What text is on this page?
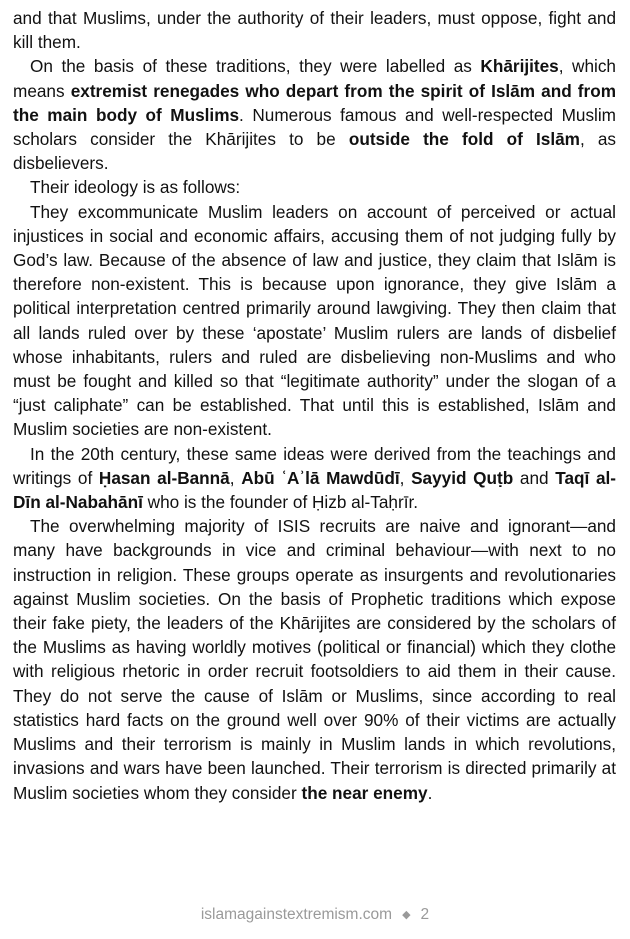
and that Muslims, under the authority of their leaders, must oppose, fight and kill them.

On the basis of these traditions, they were labelled as Khārijites, which means extremist renegades who depart from the spirit of Islām and from the main body of Muslims. Numerous famous and well-respected Muslim scholars consider the Khārijites to be outside the fold of Islām, as disbelievers.

Their ideology is as follows:

They excommunicate Muslim leaders on account of perceived or actual injustices in social and economic affairs, accusing them of not judging fully by God’s law. Because of the absence of law and justice, they claim that Islām is therefore non-existent. This is because upon ignorance, they give Islām a political interpretation centred primarily around lawgiving. They then claim that all lands ruled over by these ‘apostate’ Muslim rulers are lands of disbelief whose inhabitants, rulers and ruled are disbelieving non-Muslims and who must be fought and killed so that “legitimate authority” under the slogan of a “just caliphate” can be established. That until this is established, Islām and Muslim societies are non-existent.

In the 20th century, these same ideas were derived from the teachings and writings of Ḥasan al-Bannā, Abū ʿAʾlā Mawdūdī, Sayyid Quṭb and Taqī al-Dīn al-Nabahānī who is the founder of Ḥizb al-Taḥrīr.

The overwhelming majority of ISIS recruits are naive and ignorant—and many have backgrounds in vice and criminal behaviour—with next to no instruction in religion. These groups operate as insurgents and revolutionaries against Muslim societies. On the basis of Prophetic traditions which expose their fake piety, the leaders of the Khārijites are considered by the scholars of the Muslims as having worldly motives (political or financial) which they clothe with religious rhetoric in order recruit footsoldiers to aid them in their cause. They do not serve the cause of Islām or Muslims, since according to real statistics hard facts on the ground well over 90% of their victims are actually Muslims and their terrorism is mainly in Muslim lands in which revolutions, invasions and wars have been launched. Their terrorism is directed primarily at Muslim societies whom they consider the near enemy.

islamagainstextremism.com ◆ 2
